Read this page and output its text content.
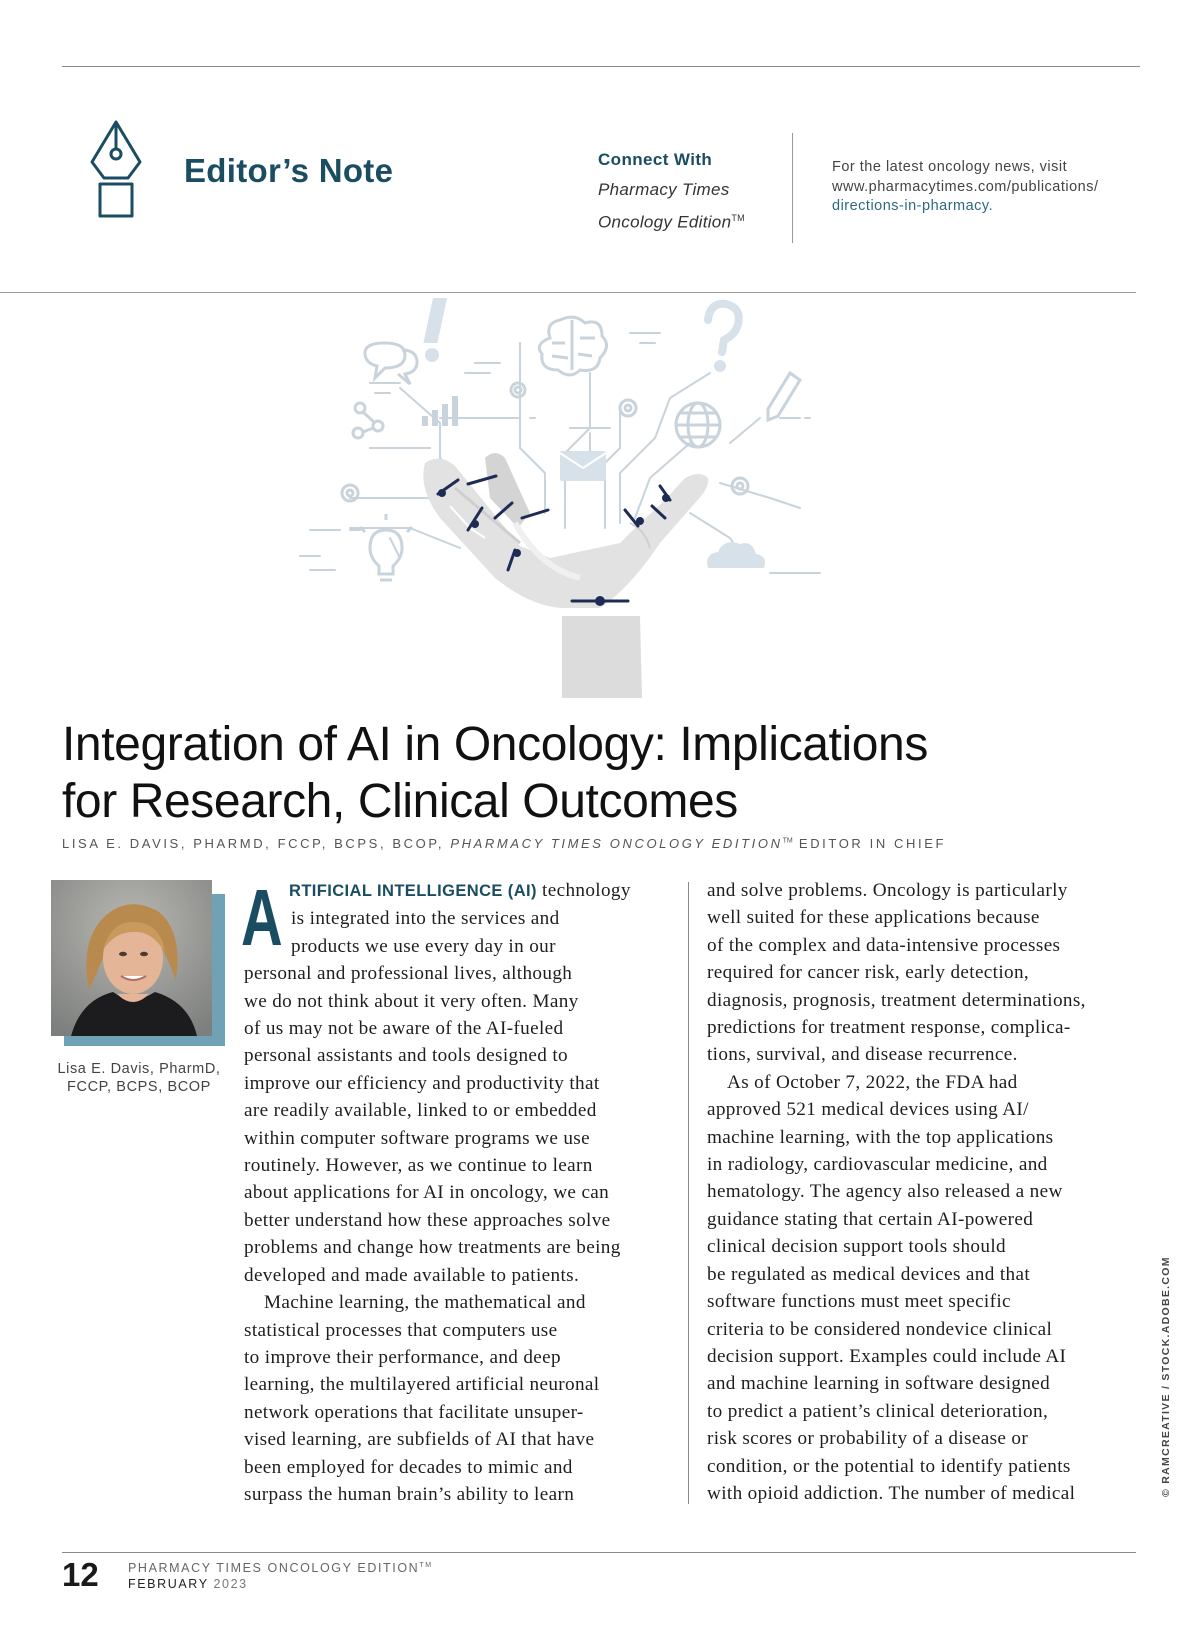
Editor’s Note	Connect With
Pharmacy Times
Oncology Edition™
For the latest oncology news, visit
www.pharmacytimes.com/publications/
directions-in-pharmacy.
Integration of AI in Oncology: Implications
for Research, Clinical Outcomes
LISA E. DAVIS, PHARMD, FCCP, BCPS, BCOP, PHARMACY TIMES ONCOLOGY EDITION™ EDITOR IN CHIEF
Lisa E. Davis, PharmD,
FCCP, BCPS, BCOP
A RTIFICIAL INTELLIGENCE (AI) technology
is integrated into the services and
products we use every day in our
personal and professional lives, although
we do not think about it very often. Many
of us may not be aware of the AI-fueled
personal assistants and tools designed to
improve our efficiency and productivity that
are readily available, linked to or embedded
within computer software programs we use
routinely. However, as we continue to learn
about applications for AI in oncology, we can
better understand how these approaches solve
problems and change how treatments are being
developed and made available to patients.
Machine learning, the mathematical and
statistical processes that computers use
to improve their performance, and deep
learning, the multilayered artificial neuronal
network operations that facilitate unsuper-
vised learning, are subfields of AI that have
been employed for decades to mimic and
surpass the human brain’s ability to learn
and solve problems. Oncology is particularly
well suited for these applications because
of the complex and data-intensive processes
required for cancer risk, early detection,
diagnosis, prognosis, treatment determinations,
predictions for treatment response, complica-
tions, survival, and disease recurrence.
As of October 7, 2022, the FDA had
approved 521 medical devices using AI/
machine learning, with the top applications
in radiology, cardiovascular medicine, and
hematology. The agency also released a new
guidance stating that certain AI-powered
clinical decision support tools should
be regulated as medical devices and that
software functions must meet specific
criteria to be considered nondevice clinical
decision support. Examples could include AI
and machine learning in software designed
to predict a patient’s clinical deterioration,
risk scores or probability of a disease or
condition, or the potential to identify patients
with opioid addiction. The number of medical	© RAMCREATIVE / STOCK.ADOBE.COM
12 PHARMACY TIMES ONCOLOGY EDITION™
FEBRUARY 2023
